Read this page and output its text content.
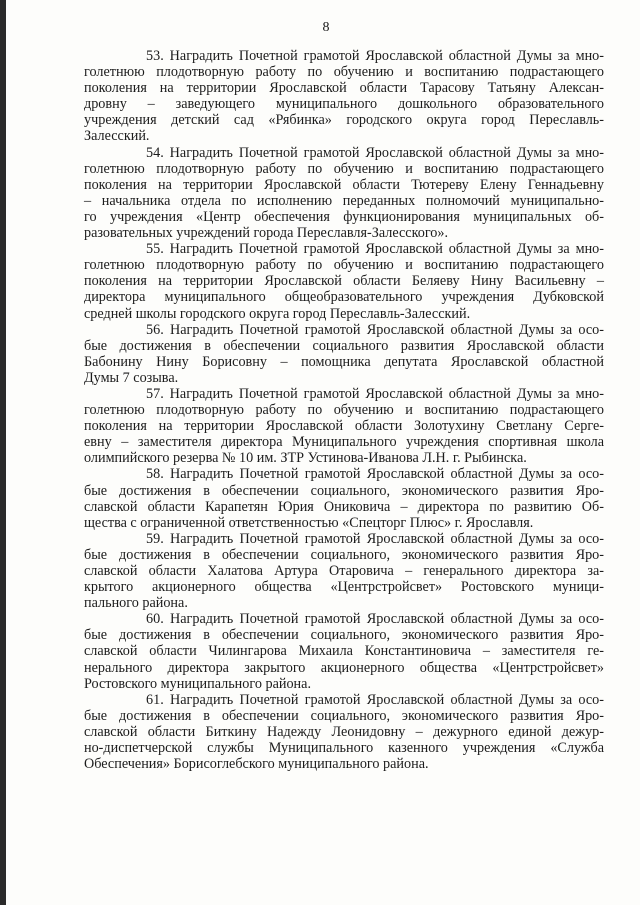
8
53. Наградить Почетной грамотой Ярославской областной Думы за мно-
голетнюю плодотворную работу по обучению и воспитанию подрастающего
поколения на территории Ярославской области Тарасову Татьяну Алексан-
дровну – заведующего муниципального дошкольного образовательного
учреждения детский сад «Рябинка» городского округа город Переславль-
Залесский.
54. Наградить Почетной грамотой Ярославской областной Думы за мно-
голетнюю плодотворную работу по обучению и воспитанию подрастающего
поколения на территории Ярославской области Тютереву Елену Геннадьевну
– начальника отдела по исполнению переданных полномочий муниципально-
го учреждения «Центр обеспечения функционирования муниципальных об-
разовательных учреждений города Переславля-Залесского».
55. Наградить Почетной грамотой Ярославской областной Думы за мно-
голетнюю плодотворную работу по обучению и воспитанию подрастающего
поколения на территории Ярославской области Беляеву Нину Васильевну –
директора муниципального общеобразовательного учреждения Дубковской
средней школы городского округа город Переславль-Залесский.
56. Наградить Почетной грамотой Ярославской областной Думы за осо-
бые достижения в обеспечении социального развития Ярославской области
Бабонину Нину Борисовну – помощника депутата Ярославской областной
Думы 7 созыва.
57. Наградить Почетной грамотой Ярославской областной Думы за мно-
голетнюю плодотворную работу по обучению и воспитанию подрастающего
поколения на территории Ярославской области Золотухину Светлану Серге-
евну – заместителя директора Муниципального учреждения спортивная школа
олимпийского резерва № 10 им. ЗТР Устинова-Иванова Л.Н. г. Рыбинска.
58. Наградить Почетной грамотой Ярославской областной Думы за осо-
бые достижения в обеспечении социального, экономического развития Яро-
славской области Карапетян Юрия Ониковича – директора по развитию Об-
щества с ограниченной ответственностью «Спецторг Плюс» г. Ярославля.
59. Наградить Почетной грамотой Ярославской областной Думы за осо-
бые достижения в обеспечении социального, экономического развития Яро-
славской области Халатова Артура Отаровича – генерального директора за-
крытого акционерного общества «Центрстройсвет» Ростовского муници-
пального района.
60. Наградить Почетной грамотой Ярославской областной Думы за осо-
бые достижения в обеспечении социального, экономического развития Яро-
славской области Чилингарова Михаила Константиновича – заместителя ге-
нерального директора закрытого акционерного общества «Центрстройсвет»
Ростовского муниципального района.
61. Наградить Почетной грамотой Ярославской областной Думы за осо-
бые достижения в обеспечении социального, экономического развития Яро-
славской области Биткину Надежду Леонидовну – дежурного единой дежур-
но-диспетчерской службы Муниципального казенного учреждения «Служба
Обеспечения» Борисоглебского муниципального района.
